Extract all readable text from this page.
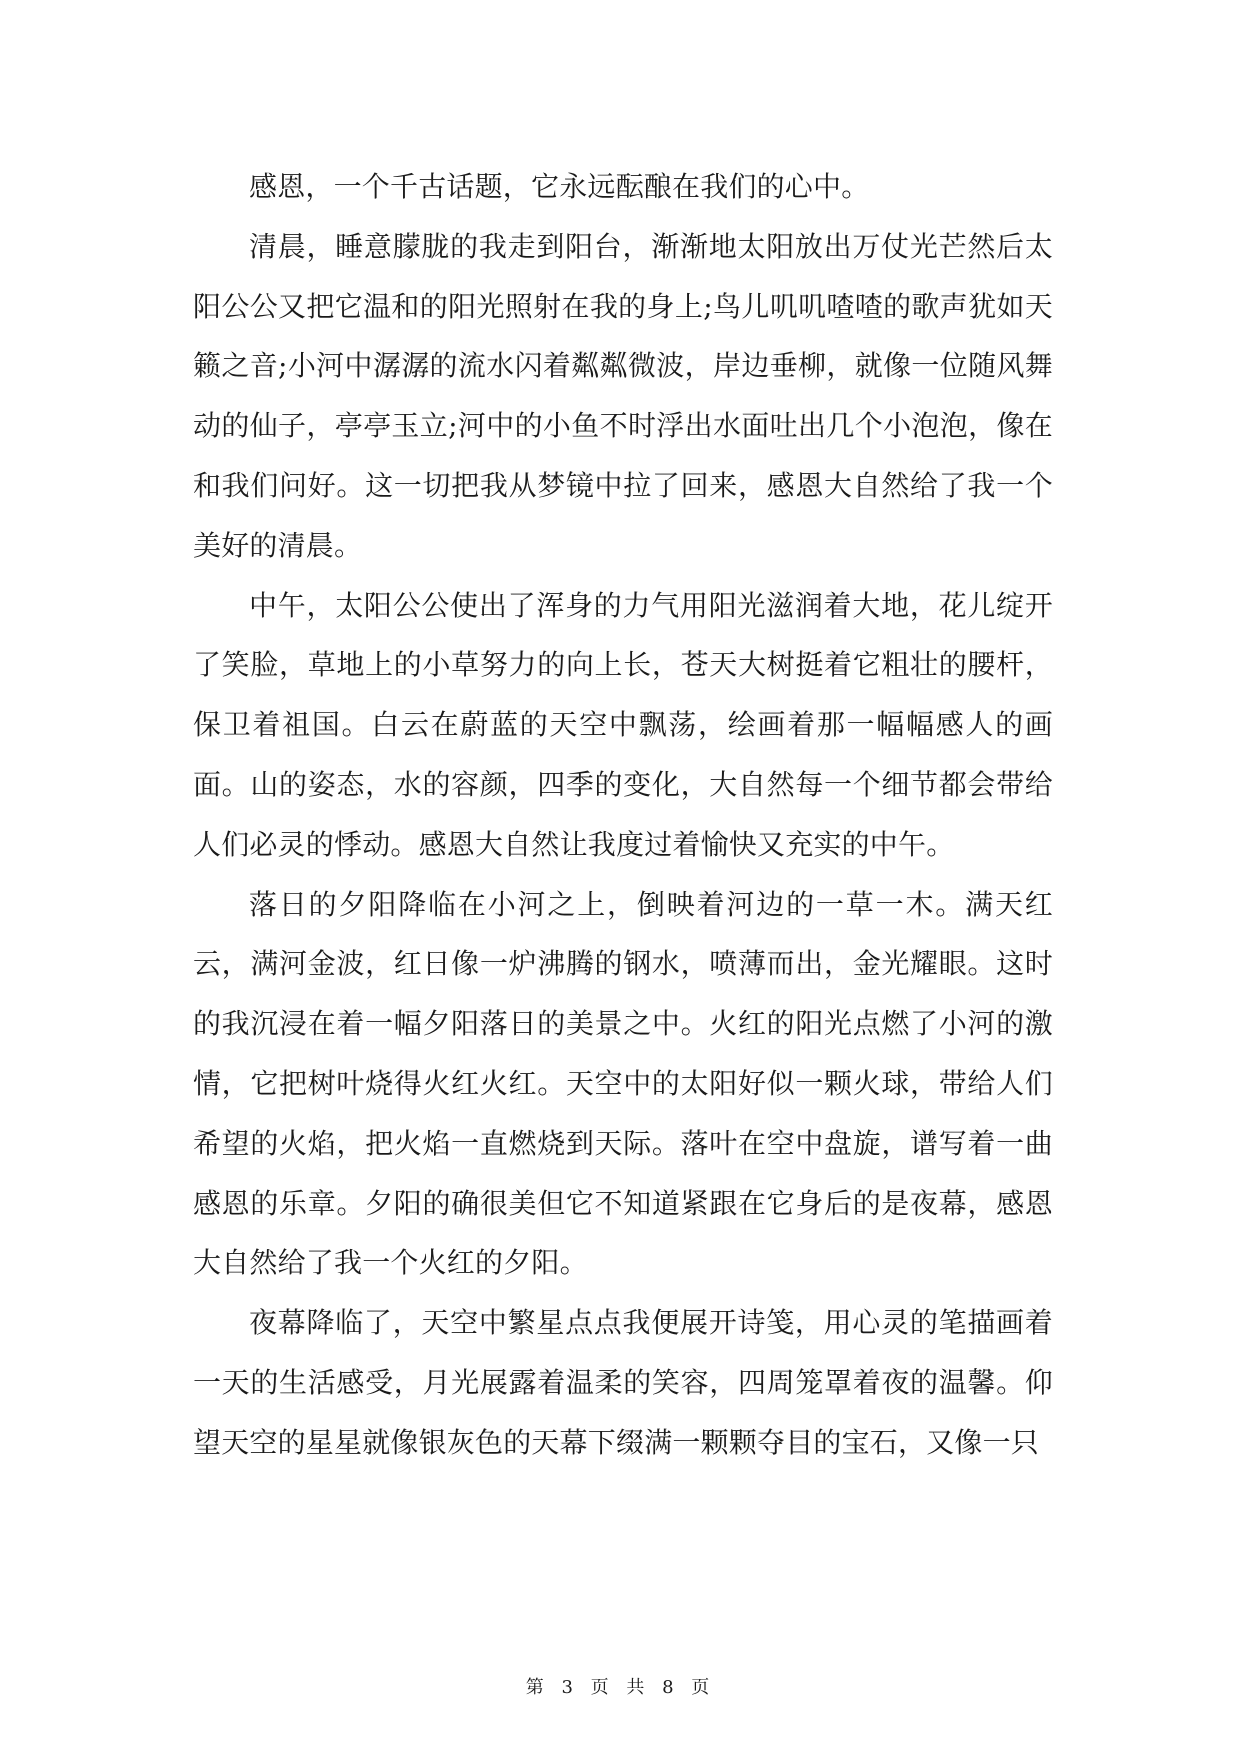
感恩，一个千古话题，它永远酝酿在我们的心中。

清晨，睡意朦胧的我走到阳台，渐渐地太阳放出万仗光芒然后太阳公公又把它温和的阳光照射在我的身上;鸟儿叽叽喳喳的歌声犹如天籁之音;小河中潺潺的流水闪着粼粼微波，岸边垂柳，就像一位随风舞动的仙子，亭亭玉立;河中的小鱼不时浮出水面吐出几个小泡泡，像在和我们问好。这一切把我从梦镜中拉了回来，感恩大自然给了我一个美好的清晨。

中午，太阳公公使出了浑身的力气用阳光滋润着大地，花儿绽开了笑脸，草地上的小草努力的向上长，苍天大树挺着它粗壮的腰杆，保卫着祖国。白云在蔚蓝的天空中飘荡，绘画着那一幅幅感人的画面。山的姿态，水的容颜，四季的变化，大自然每一个细节都会带给人们必灵的悸动。感恩大自然让我度过着愉快又充实的中午。

落日的夕阳降临在小河之上，倒映着河边的一草一木。满天红云，满河金波，红日像一炉沸腾的钢水，喷薄而出，金光耀眼。这时的我沉浸在着一幅夕阳落日的美景之中。火红的阳光点燃了小河的激情，它把树叶烧得火红火红。天空中的太阳好似一颗火球，带给人们希望的火焰，把火焰一直燃烧到天际。落叶在空中盘旋，谱写着一曲感恩的乐章。夕阳的确很美但它不知道紧跟在它身后的是夜幕，感恩大自然给了我一个火红的夕阳。

夜幕降临了，天空中繁星点点我便展开诗笺，用心灵的笔描画着一天的生活感受，月光展露着温柔的笑容，四周笼罩着夜的温馨。仰望天空的星星就像银灰色的天幕下缀满一颗颗夺目的宝石，又像一只

第 3 页 共 8 页
